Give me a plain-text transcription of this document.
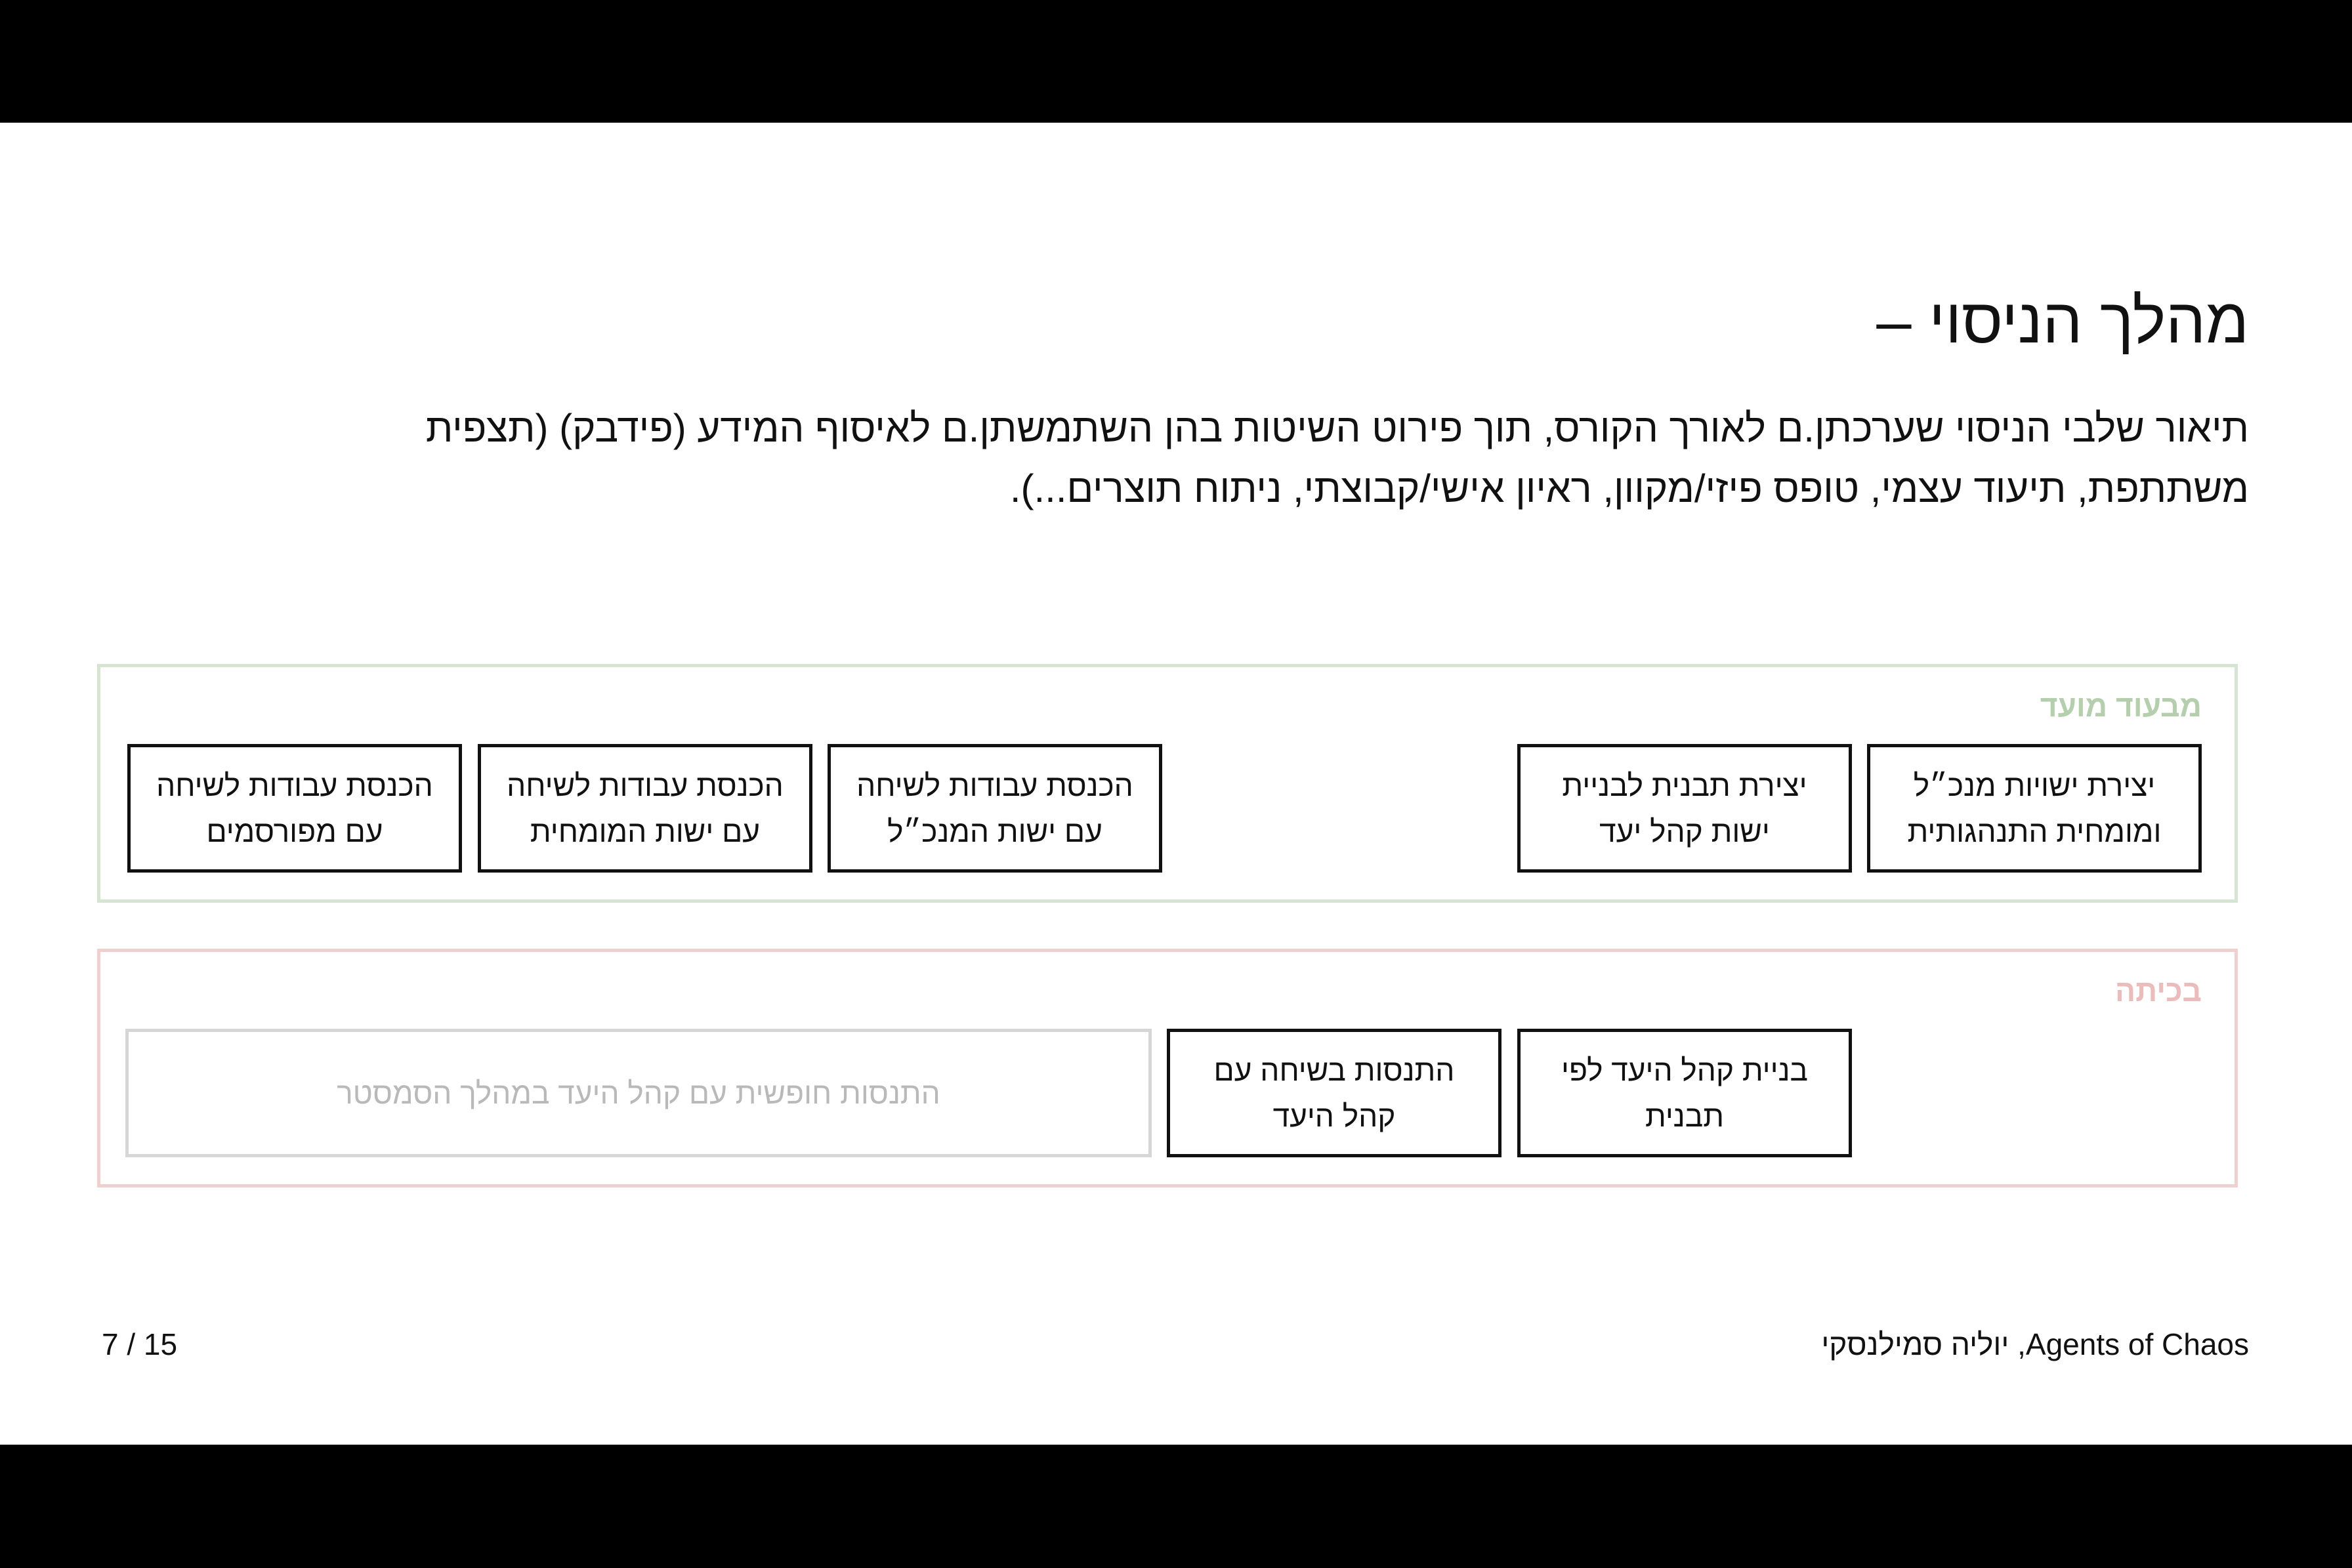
מהלך הניסוי –

תיאור שלבי הניסוי שערכתן.ם לאורך הקורס, תוך פירוט השיטות בהן השתמשתן.ם לאיסוף המידע (פידבק) (תצפית משתתפת, תיעוד עצמי, טופס פיזי/מקוון, ראיון אישי/קבוצתי, ניתוח תוצרים...).

מבעוד מועד
יצירת ישויות מנכ״ל ומומחית התנהגותית
יצירת תבנית לבניית ישות קהל יעד
הכנסת עבודות לשיחה עם ישות המנכ״ל
הכנסת עבודות לשיחה עם ישות המומחית
הכנסת עבודות לשיחה עם מפורסמים
בכיתה
בניית קהל היעד לפי תבנית
התנסות בשיחה עם קהל היעד
התנסות חופשית עם קהל היעד במהלך הסמסטר
7 / 15	Agents of Chaos, יוליה סמילנסקי
